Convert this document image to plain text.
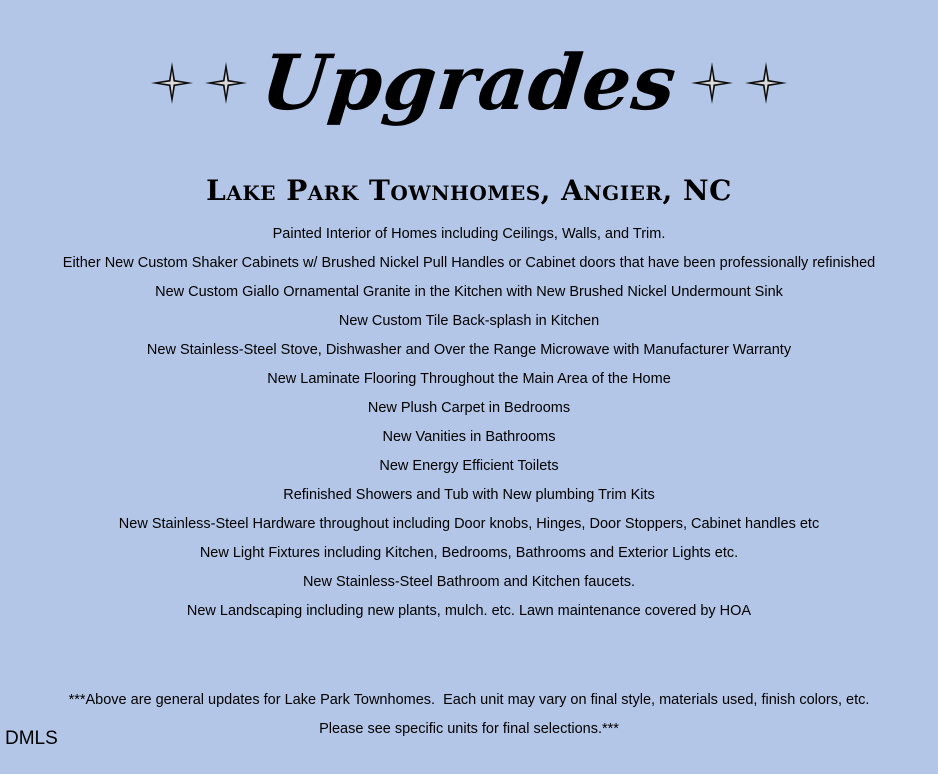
Upgrades
Lake Park Townhomes, Angier, NC
Painted Interior of Homes including Ceilings, Walls, and Trim.
Either New Custom Shaker Cabinets w/ Brushed Nickel Pull Handles or Cabinet doors that have been professionally refinished
New Custom Giallo Ornamental Granite in the Kitchen with New Brushed Nickel Undermount Sink
New Custom Tile Back-splash in Kitchen
New Stainless-Steel Stove, Dishwasher and Over the Range Microwave with Manufacturer Warranty
New Laminate Flooring Throughout the Main Area of the Home
New Plush Carpet in Bedrooms
New Vanities in Bathrooms
New Energy Efficient Toilets
Refinished Showers and Tub with New plumbing Trim Kits
New Stainless-Steel Hardware throughout including Door knobs, Hinges, Door Stoppers, Cabinet handles etc
New Light Fixtures including Kitchen, Bedrooms, Bathrooms and Exterior Lights etc.
New Stainless-Steel Bathroom and Kitchen faucets.
New Landscaping including new plants, mulch. etc. Lawn maintenance covered by HOA
***Above are general updates for Lake Park Townhomes.  Each unit may vary on final style, materials used, finish colors, etc.
Please see specific units for final selections.***
DMLS
